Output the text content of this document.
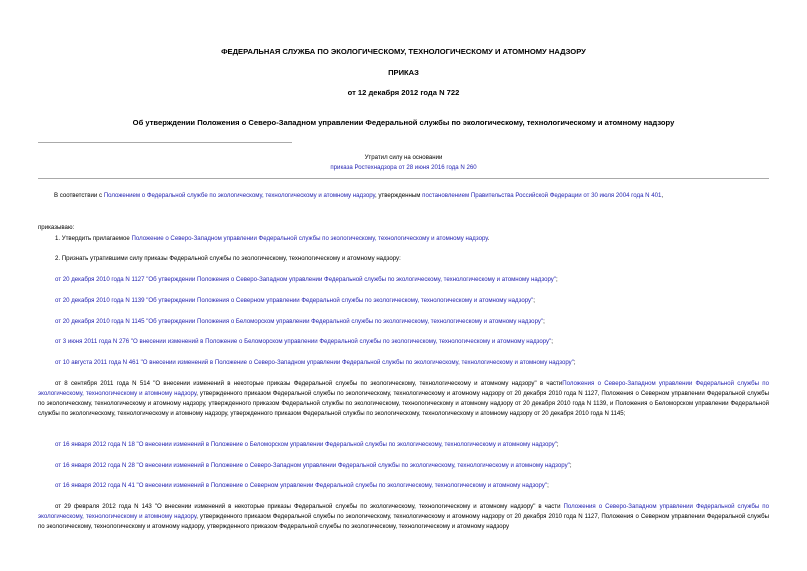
ФЕДЕРАЛЬНАЯ СЛУЖБА ПО ЭКОЛОГИЧЕСКОМУ, ТЕХНОЛОГИЧЕСКОМУ И АТОМНОМУ НАДЗОРУ
ПРИКАЗ
от 12 декабря 2012 года N 722
Об утверждении Положения о Северо-Западном управлении Федеральной службы по экологическому, технологическому и атомному надзору
Утратил силу на основании
приказа Ростехнадзора от 28 июня 2016 года N 260
В соответствии с Положением о Федеральной службе по экологическому, технологическому и атомному надзору, утвержденным постановлением Правительства Российской Федерации от 30 июля 2004 года N 401,
приказываю:
1. Утвердить прилагаемое Положение о Северо-Западном управлении Федеральной службы по экологическому, технологическому и атомному надзору.
2. Признать утратившими силу приказы Федеральной службы по экологическому, технологическому и атомному надзору:
от 20 декабря 2010 года N 1127 "Об утверждении Положения о Северо-Западном управлении Федеральной службы по экологическому, технологическому и атомному надзору";
от 20 декабря 2010 года N 1139 "Об утверждении Положения о Северном управлении Федеральной службы по экологическому, технологическому и атомному надзору";
от 20 декабря 2010 года N 1145 "Об утверждении Положения о Беломорском управлении Федеральной службы по экологическому, технологическому и атомному надзору";
от 3 июня 2011 года N 276 "О внесении изменений в Положение о Беломорском управлении Федеральной службы по экологическому, технологическому и атомному надзору";
от 10 августа 2011 года N 461 "О внесении изменений в Положение о Северо-Западном управлении Федеральной службы по экологическому, технологическому и атомному надзору";
от 8 сентября 2011 года N 514 "О внесении изменений в некоторые приказы Федеральной службы по экологическому, технологическому и атомному надзору" в частиПоложения о Северо-Западном управлении Федеральной службы по экологическому, технологическому и атомному надзору, утвержденного приказом Федеральной службы по экологическому, технологическому и атомному надзору от 20 декабря 2010 года N 1127, Положения о Северном управлении Федеральной службы по экологическому, технологическому и атомному надзору, утвержденного приказом Федеральной службы по экологическому, технологическому и атомному надзору от 20 декабря 2010 года N 1139, и Положения о Беломорском управлении Федеральной службы по экологическому, технологическому и атомному надзору, утвержденного приказом Федеральной службы по экологическому, технологическому и атомному надзору от 20 декабря 2010 года N 1145;
от 16 января 2012 года N 18 "О внесении изменений в Положение о Беломорском управлении Федеральной службы по экологическому, технологическому и атомному надзору";
от 16 января 2012 года N 28 "О внесении изменений в Положение о Северо-Западном управлении Федеральной службы по экологическому, технологическому и атомному надзору";
от 16 января 2012 года N 41 "О внесении изменений в Положение о Северном управлении Федеральной службы по экологическому, технологическому и атомному надзору";
от 29 февраля 2012 года N 143 "О внесении изменений в некоторые приказы Федеральной службы по экологическому, технологическому и атомному надзору" в части Положения о Северо-Западном управлении Федеральной службы по экологическому, технологическому и атомному надзору, утвержденного приказом Федеральной службы по экологическому, технологическому и атомному надзору от 20 декабря 2010 года N 1127, Положения о Северном управлении Федеральной службы по экологическому, технологическому и атомному надзору, утвержденного приказом Федеральной службы по экологическому, технологическому и атомному надзору
